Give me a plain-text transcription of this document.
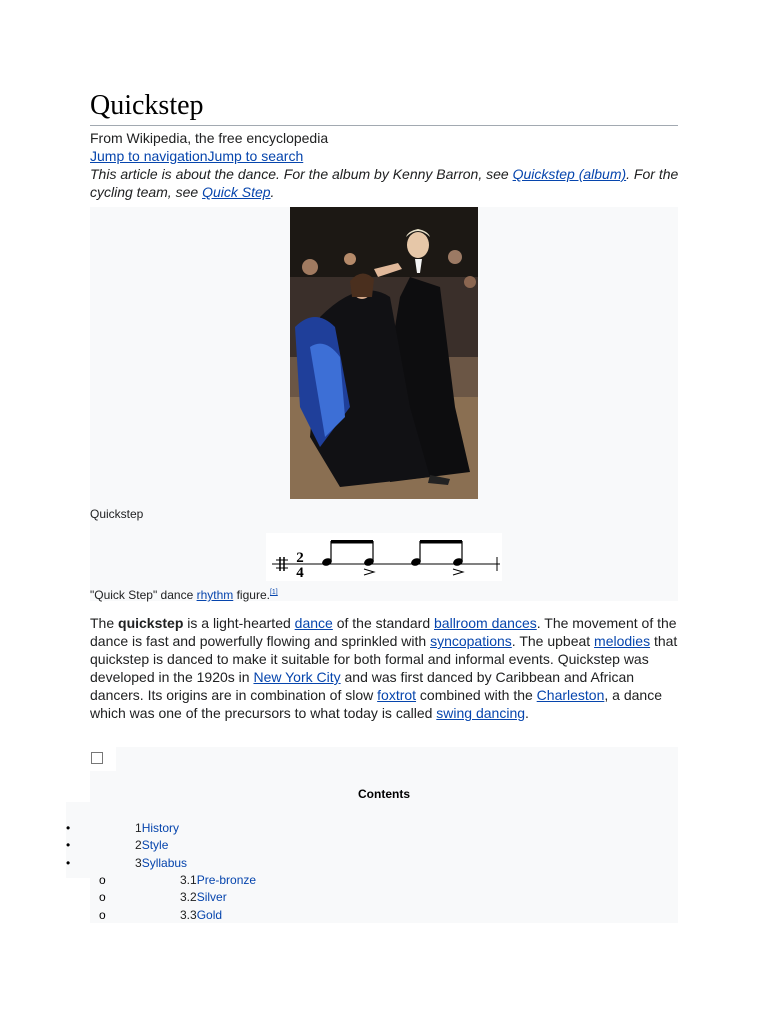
Quickstep
From Wikipedia, the free encyclopedia
Jump to navigationJump to search
This article is about the dance. For the album by Kenny Barron, see Quickstep (album). For the cycling team, see Quick Step.
Quickstep
2
4
"Quick Step" dance rhythm figure.[1]
The quickstep is a light-hearted dance of the standard ballroom dances. The movement of the dance is fast and powerfully flowing and sprinkled with syncopations. The upbeat melodies that quickstep is danced to make it suitable for both formal and informal events. Quickstep was developed in the 1920s in New York City and was first danced by Caribbean and African dancers. Its origins are in combination of slow foxtrot combined with the Charleston, a dance which was one of the precursors to what today is called swing dancing.
Contents
•	1History
•	2Style
•	3Syllabus
o	3.1Pre-bronze
o	3.2Silver
o	3.3Gold
